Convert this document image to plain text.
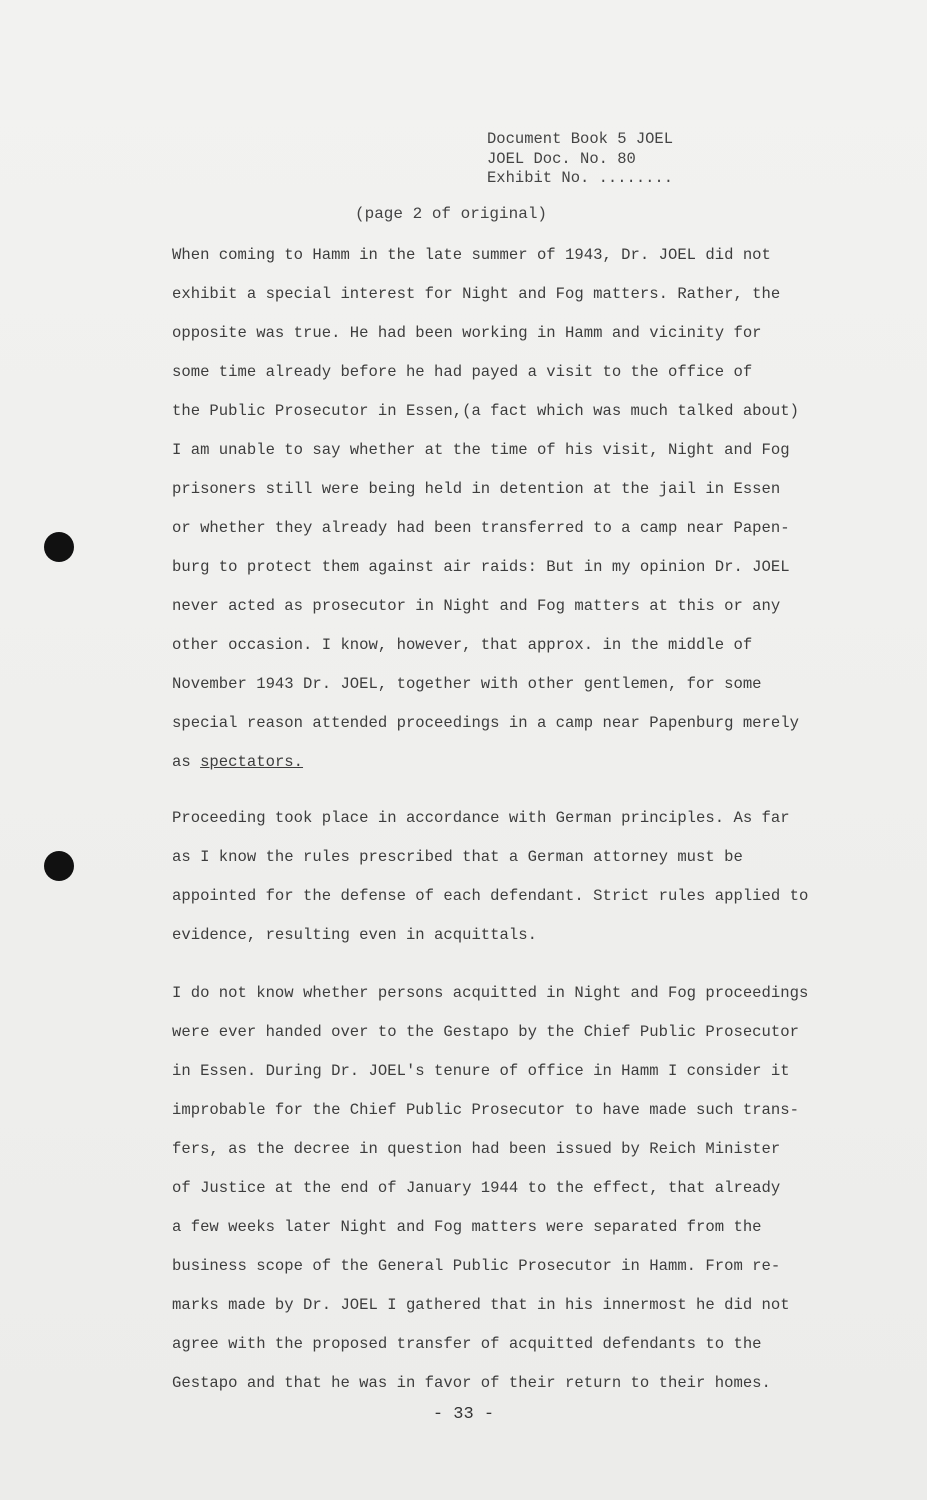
Document Book 5 JOEL
JOEL Doc. No. 80
Exhibit No. ........
(page 2 of original)
When coming to Hamm in the late summer of 1943, Dr. JOEL did not
exhibit a special interest for Night and Fog matters. Rather, the
opposite was true. He had been working in Hamm and vicinity for
some time already before he had payed a visit to the office of
the Public Prosecutor in Essen,(a fact which was much talked about)
I am unable to say whether at the time of his visit, Night and Fog
prisoners still were being held in detention at the jail in Essen
or whether they already had been transferred to a camp near Papen-
burg to protect them against air raids: But in my opinion Dr. JOEL
never acted as prosecutor in Night and Fog matters at this or any
other occasion. I know, however, that approx. in the middle of
November 1943 Dr. JOEL, together with other gentlemen, for some
special reason attended proceedings in a camp near Papenburg merely
as spectators.
Proceeding took place in accordance with German principles. As far
as I know the rules prescribed that a German attorney must be
appointed for the defense of each defendant. Strict rules applied to
evidence, resulting even in acquittals.
I do not know whether persons acquitted in Night and Fog proceedings
were ever handed over to the Gestapo by the Chief Public Prosecutor
in Essen. During Dr. JOEL's tenure of office in Hamm I consider it
improbable for the Chief Public Prosecutor to have made such trans-
fers, as the decree in question had been issued by Reich Minister
of Justice at the end of January 1944 to the effect, that already
a few weeks later Night and Fog matters were separated from the
business scope of the General Public Prosecutor in Hamm. From re-
marks made by Dr. JOEL I gathered that in his innermost he did not
agree with the proposed transfer of acquitted defendants to the
Gestapo and that he was in favor of their return to their homes.
- 33 -
